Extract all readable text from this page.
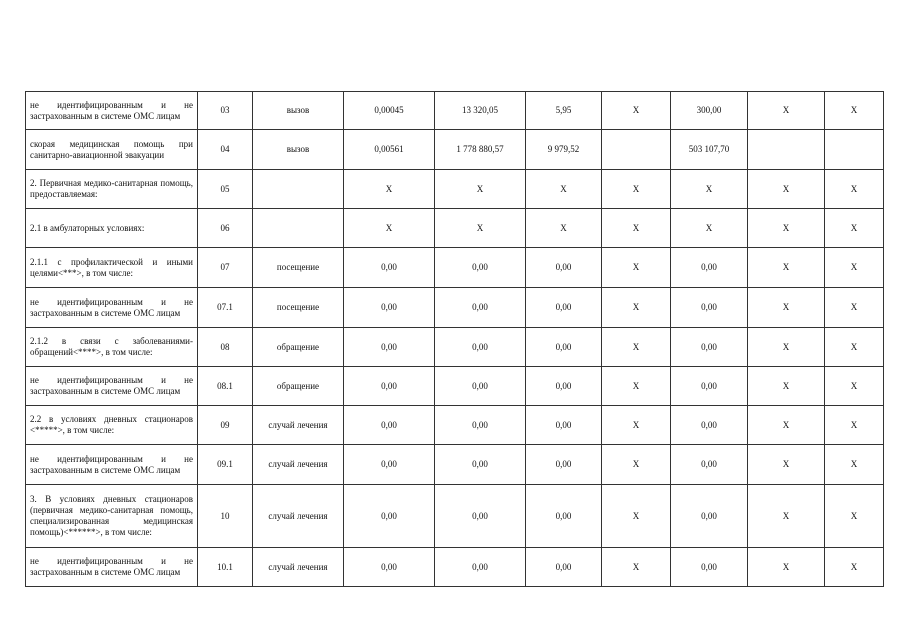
не идентифицированным и не застрахованным в системе ОМС лицам	03	вызов	0,00045	13 320,05	5,95	X	300,00	X	X
скорая медицинская помощь при санитарно-авиационной эвакуации	04	вызов	0,00561	1 778 880,57	9 979,52		503 107,70		
2. Первичная медико-санитарная помощь, предоставляемая:	05		X	X	X	X	X	X	X
2.1 в амбулаторных условиях:	06		X	X	X	X	X	X	X
2.1.1 с профилактической и иными целями<***>, в том числе:	07	посещение	0,00	0,00	0,00	X	0,00	X	X
не идентифицированным и не застрахованным в системе ОМС лицам	07.1	посещение	0,00	0,00	0,00	X	0,00	X	X
2.1.2 в связи с заболеваниями-обращений<****>, в том числе:	08	обращение	0,00	0,00	0,00	X	0,00	X	X
не идентифицированным и не застрахованным в системе ОМС лицам	08.1	обращение	0,00	0,00	0,00	X	0,00	X	X
2.2 в условиях дневных стационаров <*****>, в том числе:	09	случай лечения	0,00	0,00	0,00	X	0,00	X	X
не идентифицированным и не застрахованным в системе ОМС лицам	09.1	случай лечения	0,00	0,00	0,00	X	0,00	X	X
3. В условиях дневных стационаров (первичная медико-санитарная помощь, специализированная медицинская помощь)<******>, в том числе:	10	случай лечения	0,00	0,00	0,00	X	0,00	X	X
не идентифицированным и не застрахованным в системе ОМС лицам	10.1	случай лечения	0,00	0,00	0,00	X	0,00	X	X
